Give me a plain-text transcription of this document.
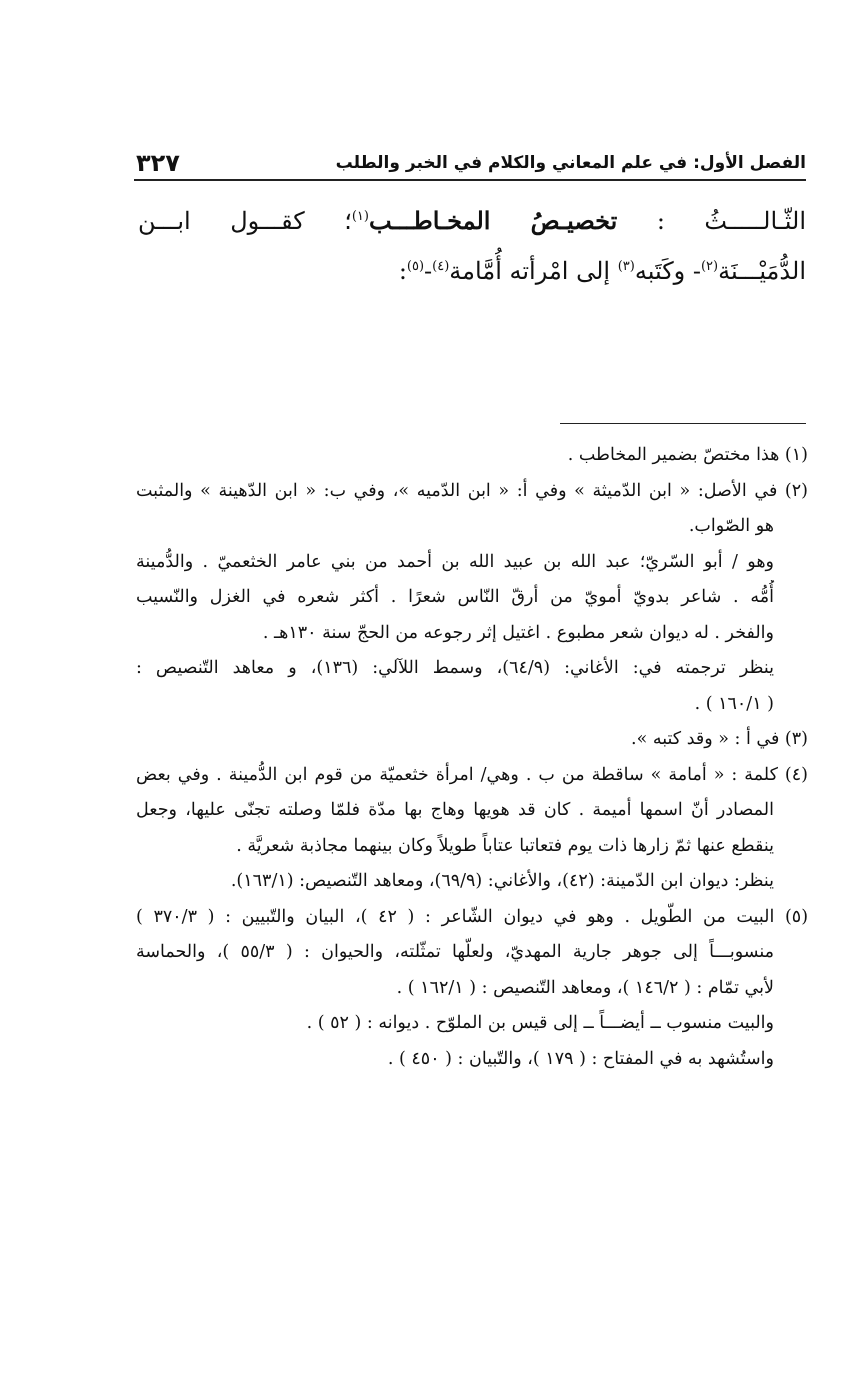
الفصل الأول: في علم المعاني والكلام في الخبر والطلب
٣٢٧

الثّـالـــــثُ : تخصيـصُ المخـاطـــب$^{(١)}$؛ كقـــول ابـــن

الدُّمَيْـــنَة$^{(٢)}$- وكَتَبه$^{(٣)}$ إلى امْرأته أُمَّامة$^{(٤)}$-$^{(٥)}$:

(١) هذا مختصّ بضمير المخاطب .

(٢) في الأصل: « ابن الدّميثة » وفي أ: « ابن الدّميه »، وفي ب: « ابن الدّهينة » والمثبت

هو الصّواب.

وهو / أبو السّريّ؛ عبد الله بن عبيد الله بن أحمد من بني عامر الخثعميّ . والدُّمينة

أُمُّه . شاعر بدويّ أمويّ من أرقّ النّاس شعرًا . أكثر شعره في الغزل والنّسيب

والفخر . له ديوان شعر مطبوع . اغتيل إثر رجوعه من الحجّ سنة ١٣٠هـ .

ينظر ترجمته في: الأغاني: (٦٤/٩)، وسمط اللآلي: (١٣٦)، و معاهد التّنصيص :

( ١٦٠/١ ) .

(٣) في أ : « وقد كتبه ».

(٤) كلمة : « أمامة » ساقطة من ب . وهي/ امرأة خثعميّة من قوم ابن الدُّمينة . وفي بعض

المصادر أنّ اسمها أميمة . كان قد هويها وهاج بها مدّة فلمّا وصلته تجنّى عليها، وجعل

ينقطع عنها ثمّ زارها ذات يوم فتعاتبا عتاباً طويلاً وكان بينهما مجاذبة شعريَّة .

ينظر: ديوان ابن الدّمينة: (٤٢)، والأغاني: (٦٩/٩)، ومعاهد التّنصيص: (١٦٣/١).

(٥) البيت من الطّويل . وهو في ديوان الشّاعر : ( ٤٢ )، البيان والتّبيين : ( ٣٧٠/٣ )

منسوبـــاً إلى جوهر جارية المهديّ، ولعلّها تمثّلته، والحيوان : ( ٥٥/٣ )، والحماسة

لأبي تمّام : ( ١٤٦/٢ )، ومعاهد التّنصيص : ( ١٦٢/١ ) .

والبيت منسوب ــ أيضـــاً ــ إلى قيس بن الملوّح . ديوانه : ( ٥٢ ) .

واستُشهد به في المفتاح : ( ١٧٩ )، والتّبيان : ( ٤٥٠ ) .
